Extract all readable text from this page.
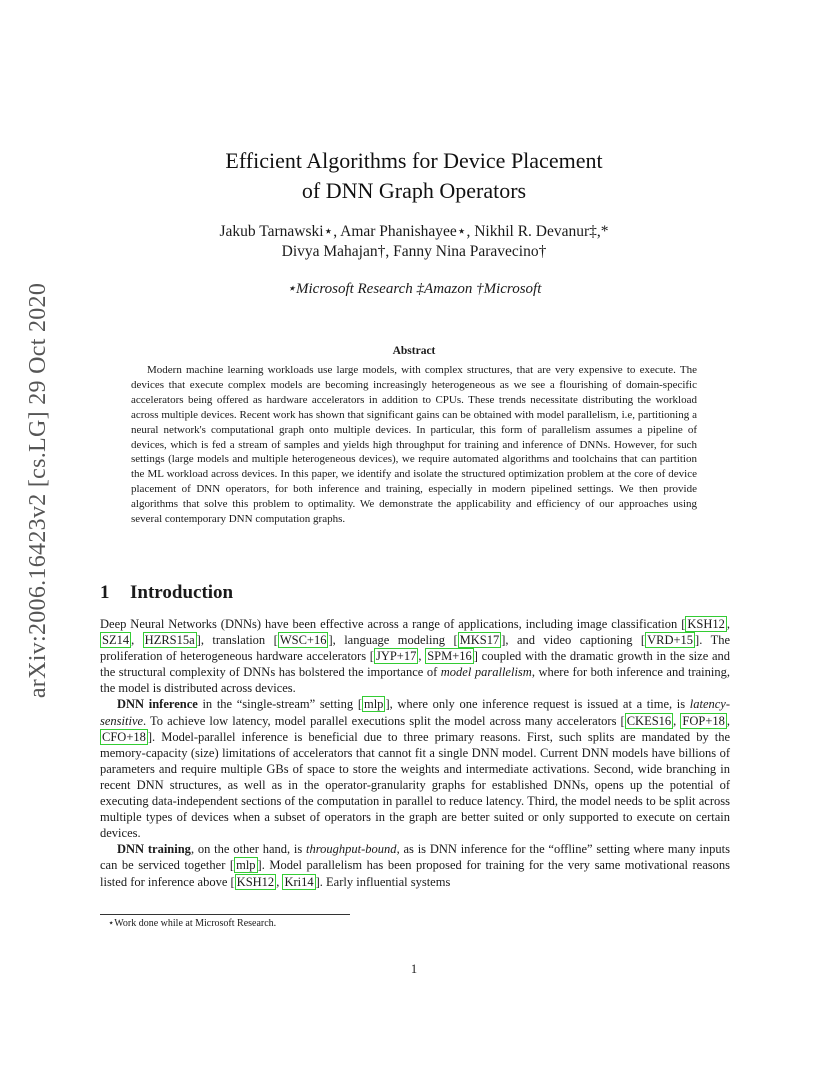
arXiv:2006.16423v2 [cs.LG] 29 Oct 2020
Efficient Algorithms for Device Placement
of DNN Graph Operators
Jakub Tarnawski⋆, Amar Phanishayee⋆, Nikhil R. Devanur‡,*
Divya Mahajan†, Fanny Nina Paravecino†
⋆Microsoft Research ‡Amazon †Microsoft
Abstract

Modern machine learning workloads use large models, with complex structures, that are very expensive to execute. The devices that execute complex models are becoming increasingly heterogeneous as we see a flourishing of domain-specific accelerators being offered as hardware accelerators in addition to CPUs. These trends necessitate distributing the workload across multiple devices. Recent work has shown that significant gains can be obtained with model parallelism, i.e, partitioning a neural network's computational graph onto multiple devices. In particular, this form of parallelism assumes a pipeline of devices, which is fed a stream of samples and yields high throughput for training and inference of DNNs. However, for such settings (large models and multiple heterogeneous devices), we require automated algorithms and toolchains that can partition the ML workload across devices. In this paper, we identify and isolate the structured optimization problem at the core of device placement of DNN operators, for both inference and training, especially in modern pipelined settings. We then provide algorithms that solve this problem to optimality. We demonstrate the applicability and efficiency of our approaches using several contemporary DNN computation graphs.

1 Introduction

Deep Neural Networks (DNNs) have been effective across a range of applications, including image classification [ KSH12 , SZ14 , HZRS15a ], translation [ WSC+16 ], language modeling [ MKS17 ], and video captioning [ VRD+15 ]. The proliferation of heterogeneous hardware accelerators [ JYP+17 , SPM+16 ] coupled with the dramatic growth in the size and the structural complexity of DNNs has bolstered the importance of model parallelism, where for both inference and training, the model is distributed across devices.

DNN inference in the “single-stream” setting [ mlp ], where only one inference request is issued at a time, is latency-sensitive. To achieve low latency, model parallel executions split the model across many accelerators [ CKES16 , FOP+18 , CFO+18 ]. Model-parallel inference is beneficial due to three primary reasons. First, such splits are mandated by the memory-capacity (size) limitations of accelerators that cannot fit a single DNN model. Current DNN models have billions of parameters and require multiple GBs of space to store the weights and intermediate activations. Second, wide branching in recent DNN structures, as well as in the operator-granularity graphs for established DNNs, opens up the potential of executing data-independent sections of the computation in parallel to reduce latency. Third, the model needs to be split across multiple types of devices when a subset of operators in the graph are better suited or only supported to execute on certain devices.

DNN training, on the other hand, is throughput-bound, as is DNN inference for the “offline” setting where many inputs can be serviced together [ mlp ]. Model parallelism has been proposed for training for the very same motivational reasons listed for inference above [ KSH12 , Kri14 ]. Early influential systems

⋆Work done while at Microsoft Research.
1
